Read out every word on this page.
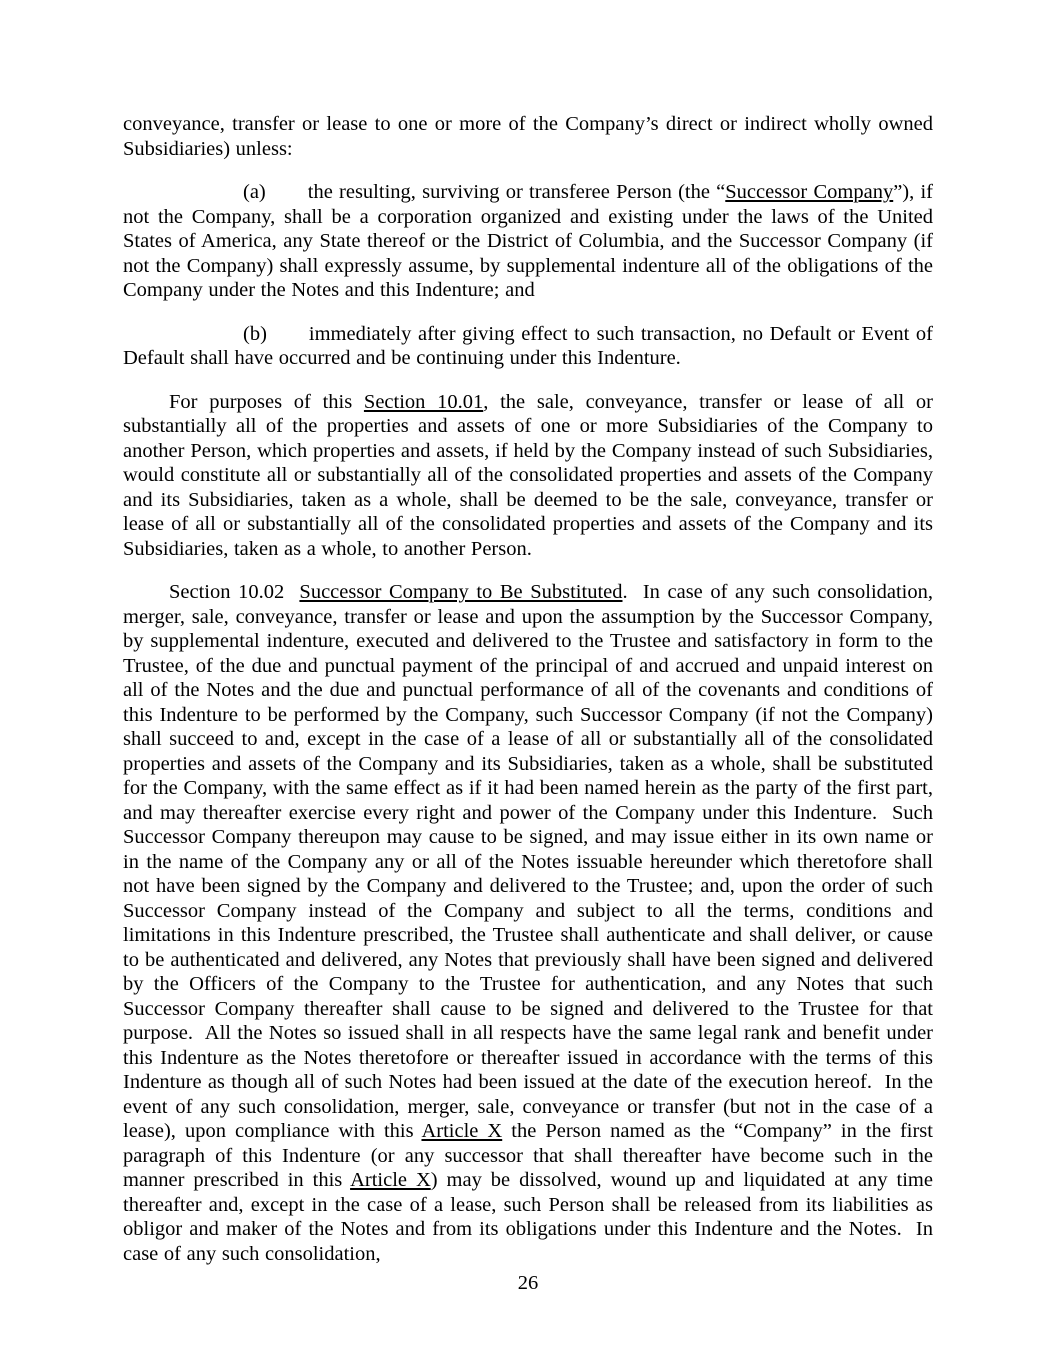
conveyance, transfer or lease to one or more of the Company’s direct or indirect wholly owned Subsidiaries) unless:

(a) the resulting, surviving or transferee Person (the “Successor Company”), if not the Company, shall be a corporation organized and existing under the laws of the United States of America, any State thereof or the District of Columbia, and the Successor Company (if not the Company) shall expressly assume, by supplemental indenture all of the obligations of the Company under the Notes and this Indenture; and

(b) immediately after giving effect to such transaction, no Default or Event of Default shall have occurred and be continuing under this Indenture.

For purposes of this Section 10.01, the sale, conveyance, transfer or lease of all or substantially all of the properties and assets of one or more Subsidiaries of the Company to another Person, which properties and assets, if held by the Company instead of such Subsidiaries, would constitute all or substantially all of the consolidated properties and assets of the Company and its Subsidiaries, taken as a whole, shall be deemed to be the sale, conveyance, transfer or lease of all or substantially all of the consolidated properties and assets of the Company and its Subsidiaries, taken as a whole, to another Person.

Section 10.02  Successor Company to Be Substituted.  In case of any such consolidation, merger, sale, conveyance, transfer or lease and upon the assumption by the Successor Company, by supplemental indenture, executed and delivered to the Trustee and satisfactory in form to the Trustee, of the due and punctual payment of the principal of and accrued and unpaid interest on all of the Notes and the due and punctual performance of all of the covenants and conditions of this Indenture to be performed by the Company, such Successor Company (if not the Company) shall succeed to and, except in the case of a lease of all or substantially all of the consolidated properties and assets of the Company and its Subsidiaries, taken as a whole, shall be substituted for the Company, with the same effect as if it had been named herein as the party of the first part, and may thereafter exercise every right and power of the Company under this Indenture.  Such Successor Company thereupon may cause to be signed, and may issue either in its own name or in the name of the Company any or all of the Notes issuable hereunder which theretofore shall not have been signed by the Company and delivered to the Trustee; and, upon the order of such Successor Company instead of the Company and subject to all the terms, conditions and limitations in this Indenture prescribed, the Trustee shall authenticate and shall deliver, or cause to be authenticated and delivered, any Notes that previously shall have been signed and delivered by the Officers of the Company to the Trustee for authentication, and any Notes that such Successor Company thereafter shall cause to be signed and delivered to the Trustee for that purpose.  All the Notes so issued shall in all respects have the same legal rank and benefit under this Indenture as the Notes theretofore or thereafter issued in accordance with the terms of this Indenture as though all of such Notes had been issued at the date of the execution hereof.  In the event of any such consolidation, merger, sale, conveyance or transfer (but not in the case of a lease), upon compliance with this Article X the Person named as the “Company” in the first paragraph of this Indenture (or any successor that shall thereafter have become such in the manner prescribed in this Article X) may be dissolved, wound up and liquidated at any time thereafter and, except in the case of a lease, such Person shall be released from its liabilities as obligor and maker of the Notes and from its obligations under this Indenture and the Notes.  In case of any such consolidation,

26
